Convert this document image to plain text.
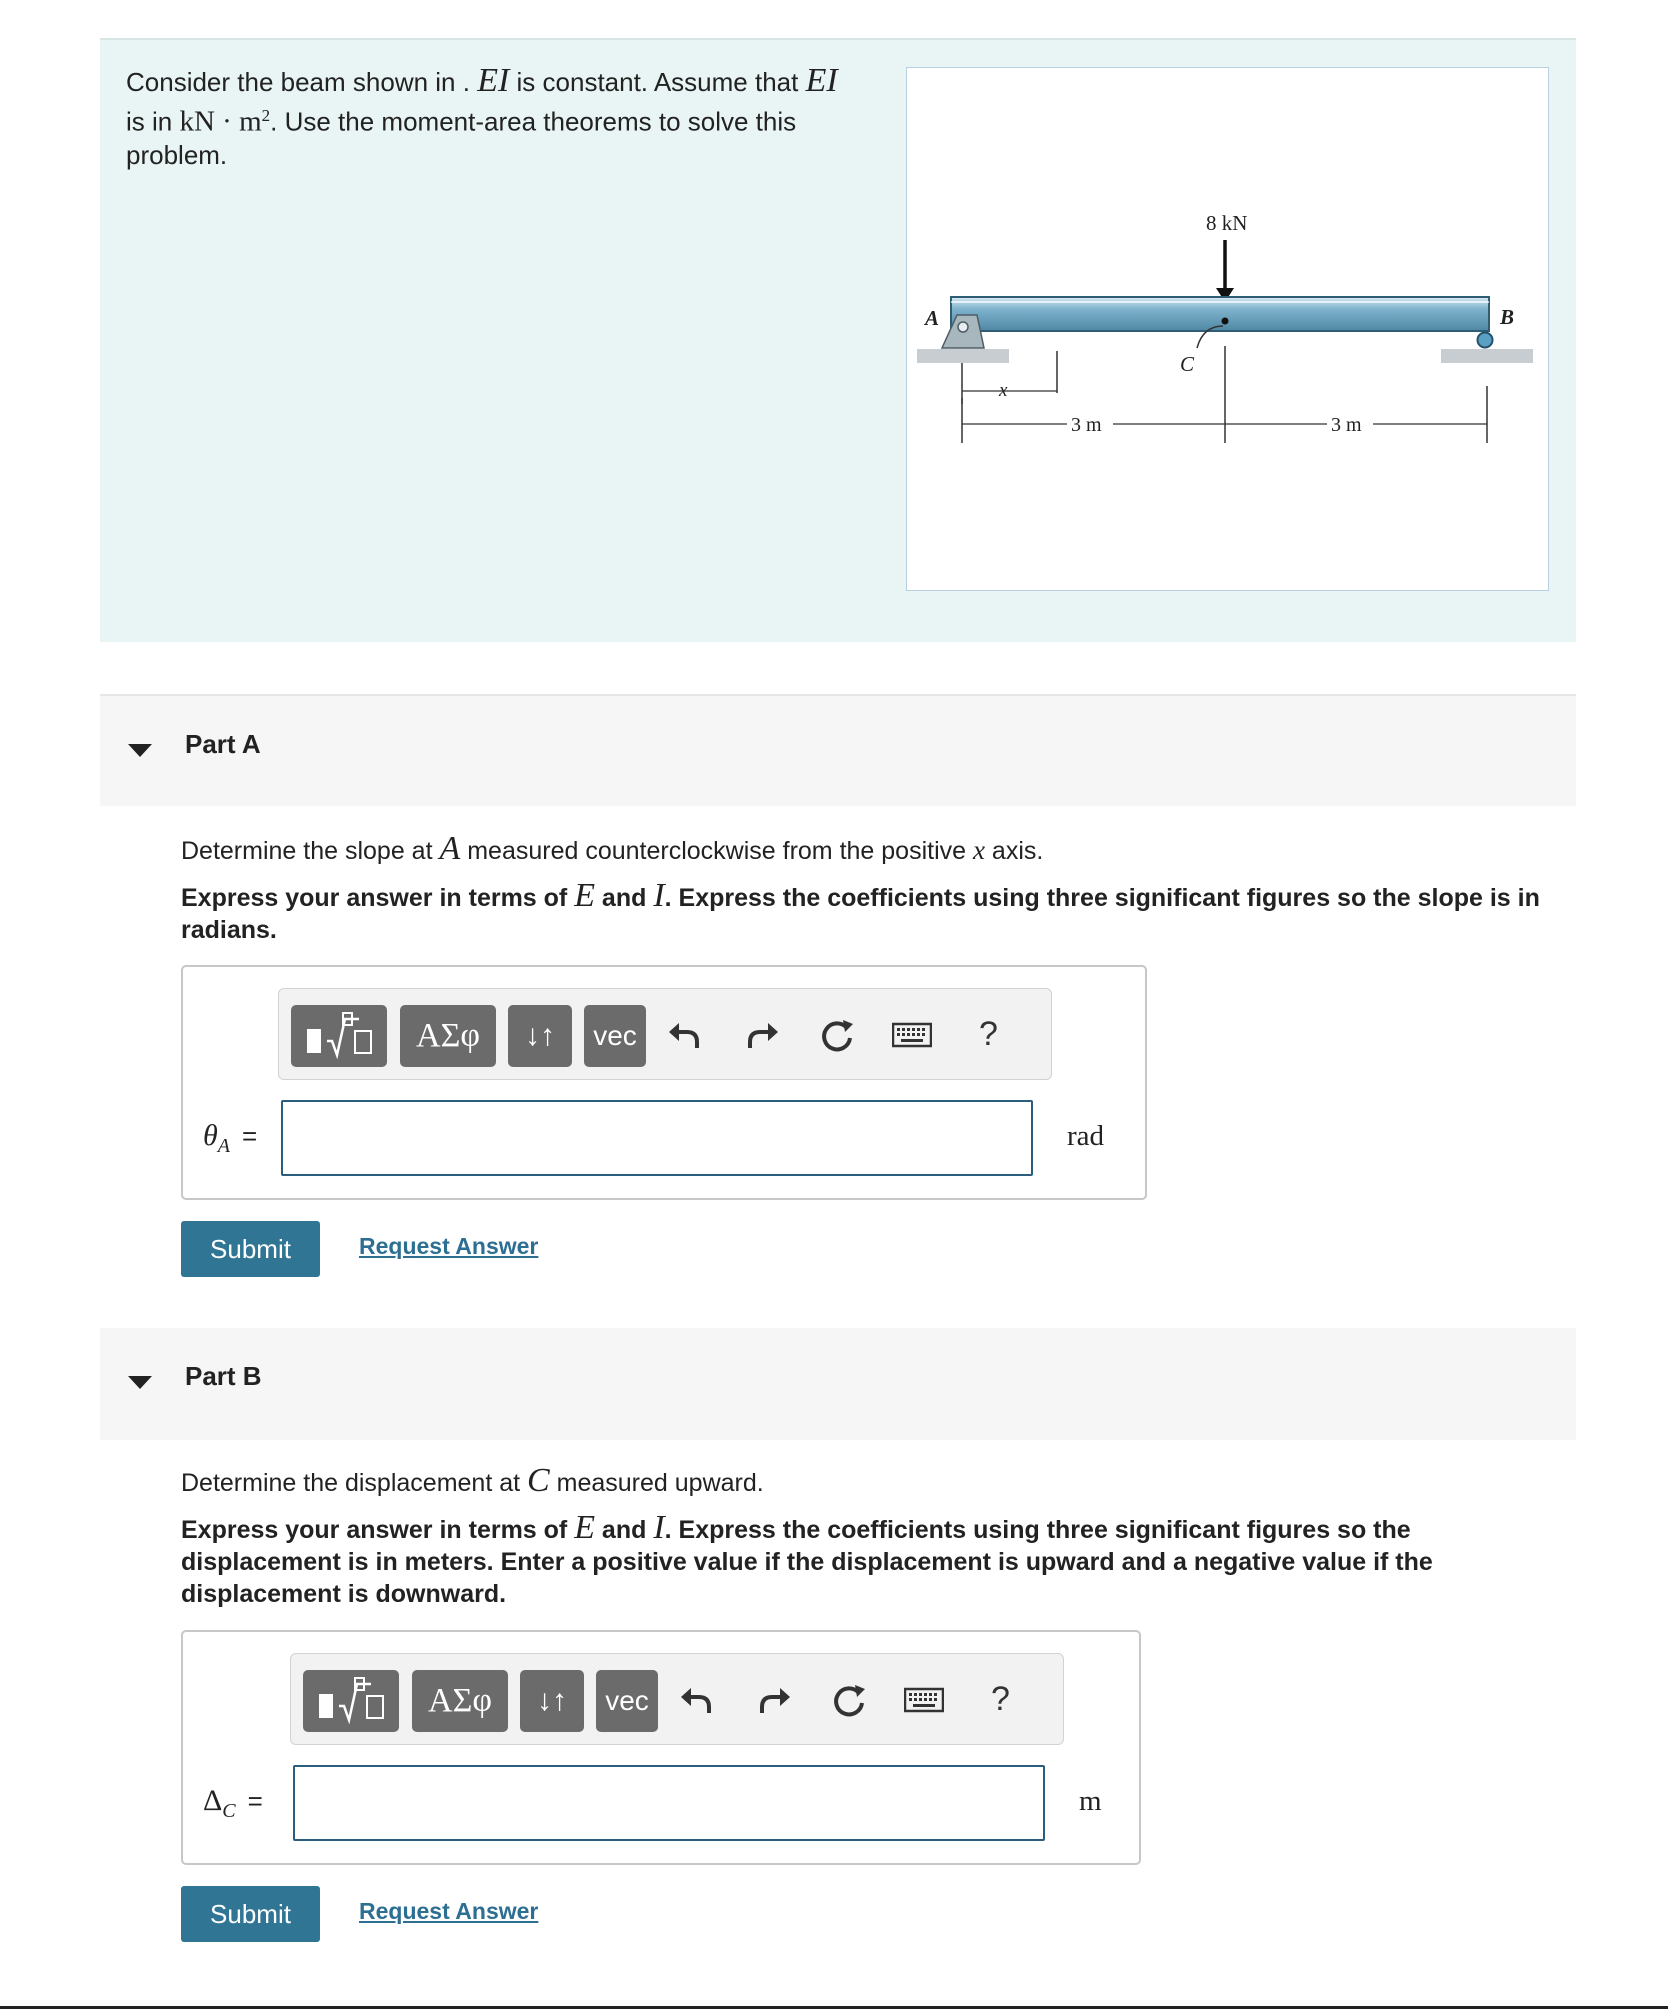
Consider the beam shown in . EI is constant. Assume that EI
is in kN · $m^2$. Use the moment-area theorems to solve this problem.
8 kN
A	B
C
x
3 m	3 m
Part A
Determine the slope at A measured counterclockwise from the positive x axis.
Express your answer in terms of E and I. Express the coefficients using three significant figures so the slope is in radians.
ΑΣφ	↓↑	vec	?
$\theta_A$ =	rad
Submit	Request Answer
Part B
Determine the displacement at C measured upward.
Express your answer in terms of E and I. Express the coefficients using three significant figures so the displacement is in meters. Enter a positive value if the displacement is upward and a negative value if the displacement is downward.
ΑΣφ	↓↑	vec	?
$\Delta_C$ =	m
Submit	Request Answer
